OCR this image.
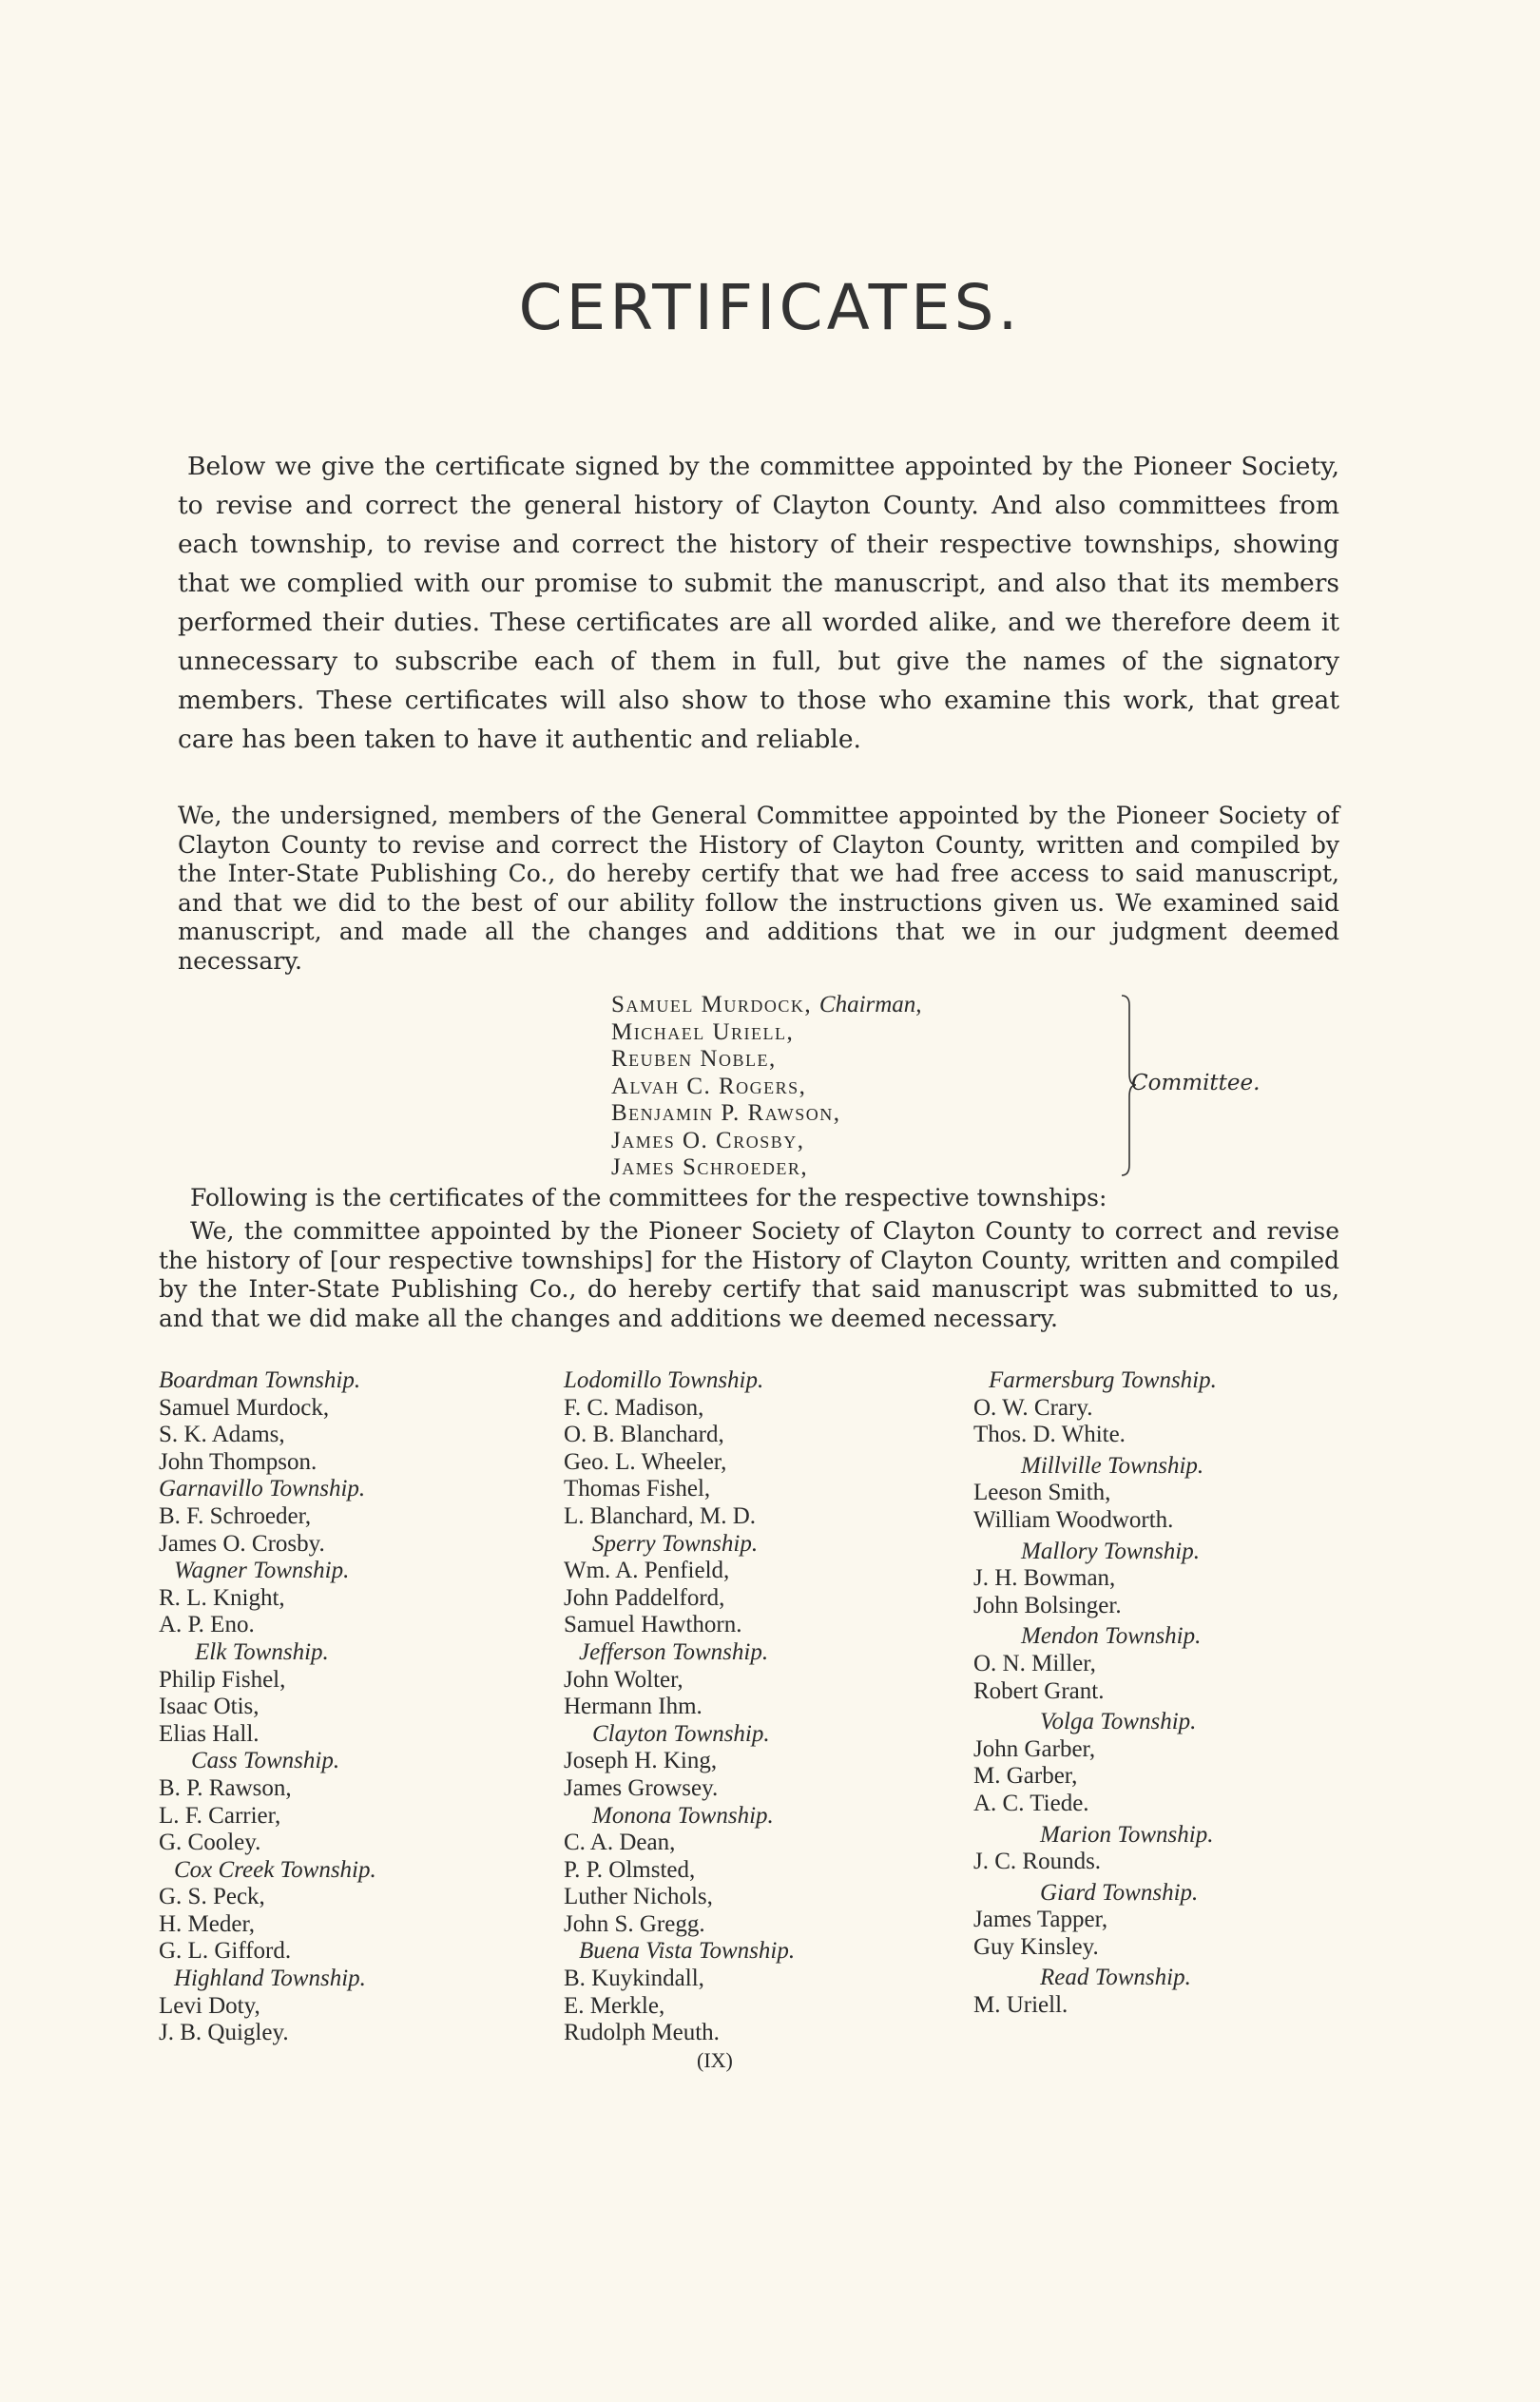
CERTIFICATES.
Below we give the certificate signed by the committee appointed by the Pioneer Society, to revise and correct the general history of Clayton County. And also committees from each township, to revise and correct the history of their respective townships, showing that we complied with our promise to submit the manuscript, and also that its members performed their duties. These certificates are all worded alike, and we therefore deem it unnecessary to subscribe each of them in full, but give the names of the signatory members. These certificates will also show to those who examine this work, that great care has been taken to have it authentic and reliable.
We, the undersigned, members of the General Committee appointed by the Pioneer Society of Clayton County to revise and correct the History of Clayton County, written and compiled by the Inter-State Publishing Co., do hereby certify that we had free access to said manuscript, and that we did to the best of our ability follow the instructions given us. We examined said manuscript, and made all the changes and additions that we in our judgment deemed necessary.
Samuel Murdock, Chairman,
Michael Uriell,
Reuben Noble,
Alvah C. Rogers,
Benjamin P. Rawson,
James O. Crosby,
James Schroeder,
Committee.
Following is the certificates of the committees for the respective townships:
We, the committee appointed by the Pioneer Society of Clayton County to correct and revise the history of [our respective townships] for the History of Clayton County, written and compiled by the Inter-State Publishing Co., do hereby certify that said manuscript was submitted to us, and that we did make all the changes and additions we deemed necessary.
Boardman Township.
Samuel Murdock,
S. K. Adams,
John Thompson.
Garnavillo Township.
B. F. Schroeder,
James O. Crosby.
Wagner Township.
R. L. Knight,
A. P. Eno.
Elk Township.
Philip Fishel,
Isaac Otis,
Elias Hall.
Cass Township.
B. P. Rawson,
L. F. Carrier,
G. Cooley.
Cox Creek Township.
G. S. Peck,
H. Meder,
G. L. Gifford.
Highland Township.
Levi Doty,
J. B. Quigley.
Lodomillo Township.
F. C. Madison,
O. B. Blanchard,
Geo. L. Wheeler,
Thomas Fishel,
L. Blanchard, M. D.
Sperry Township.
Wm. A. Penfield,
John Paddelford,
Samuel Hawthorn.
Jefferson Township.
John Wolter,
Hermann Ihm.
Clayton Township.
Joseph H. King,
James Growsey.
Monona Township.
C. A. Dean,
P. P. Olmsted,
Luther Nichols,
John S. Gregg.
Buena Vista Township.
B. Kuykindall,
E. Merkle,
Rudolph Meuth.
(IX)
Farmersburg Township.
O. W. Crary.
Thos. D. White.
Millville Township.
Leeson Smith,
William Woodworth.
Mallory Township.
J. H. Bowman,
John Bolsinger.
Mendon Township.
O. N. Miller,
Robert Grant.
Volga Township.
John Garber,
M. Garber,
A. C. Tiede.
Marion Township.
J. C. Rounds.
Giard Township.
James Tapper,
Guy Kinsley.
Read Township.
M. Uriell.
